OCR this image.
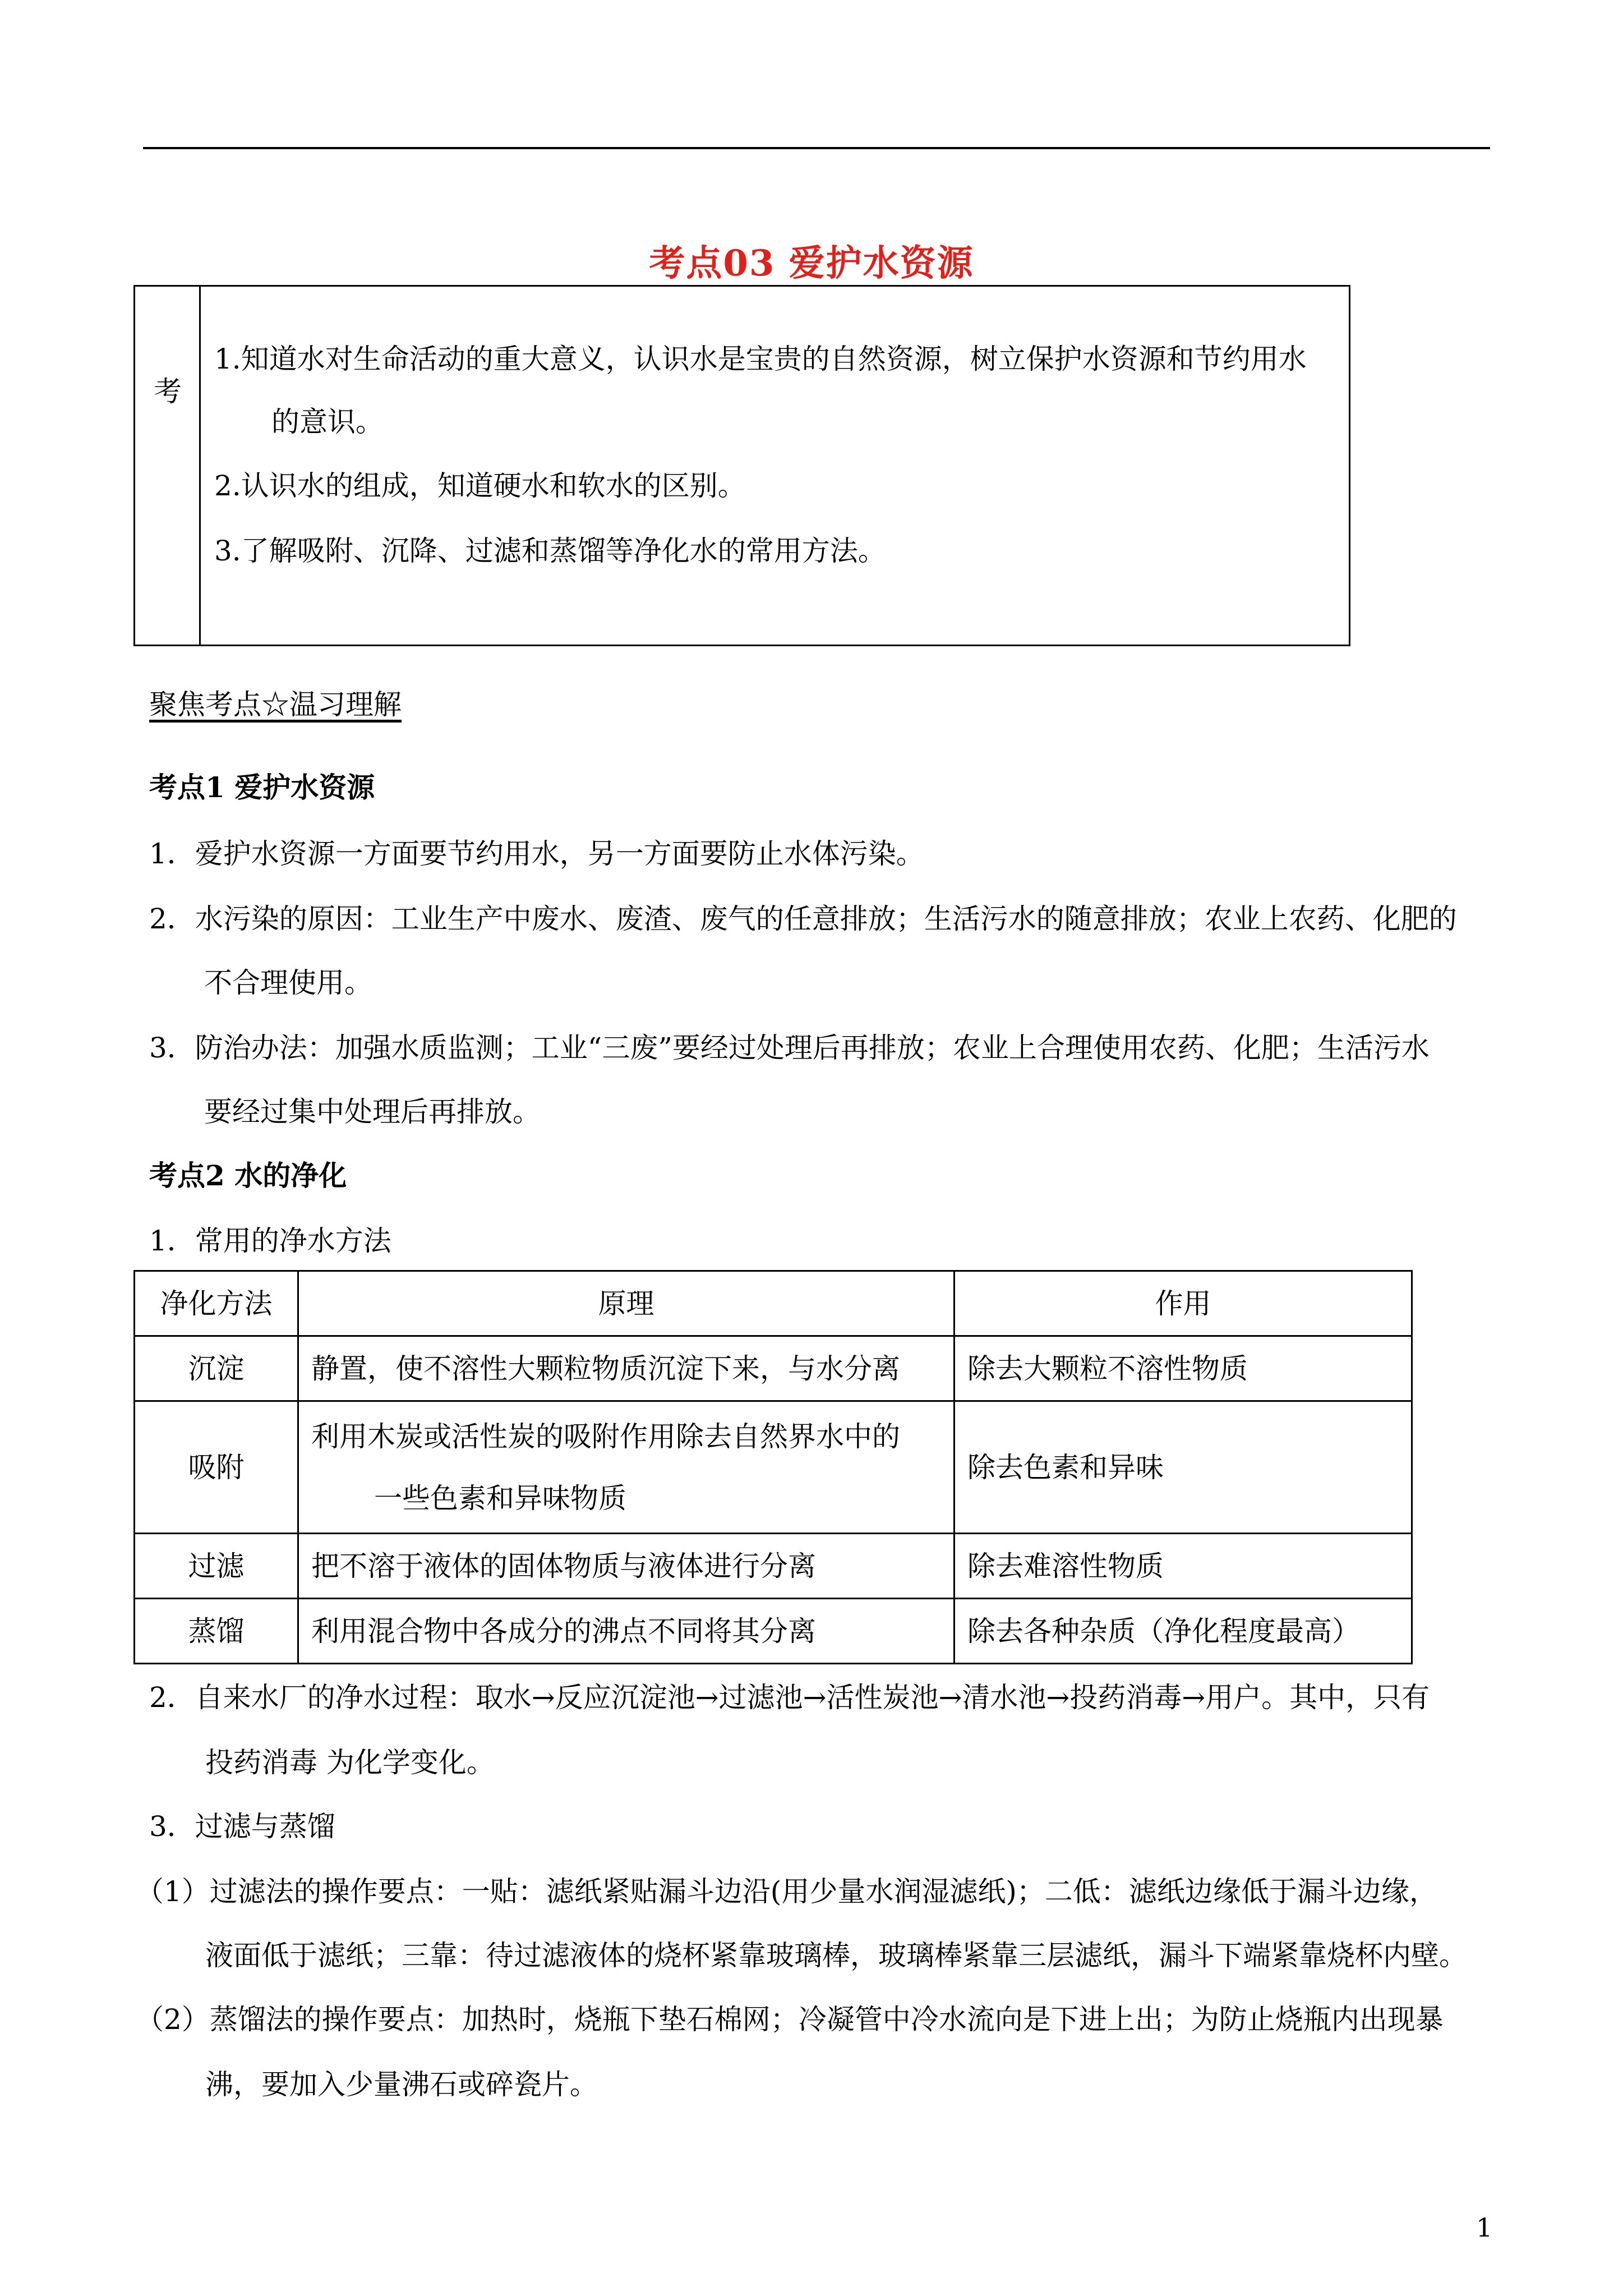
考点03 爱护水资源
考
1.知道水对生命活动的重大意义，认识水是宝贵的自然资源，树立保护水资源和节约用水
的意识。
2.认识水的组成，知道硬水和软水的区别。
3.了解吸附、沉降、过滤和蒸馏等净化水的常用方法。
聚焦考点☆温习理解
考点1 爱护水资源
1．爱护水资源一方面要节约用水，另一方面要防止水体污染。
2．水污染的原因：工业生产中废水、废渣、废气的任意排放；生活污水的随意排放；农业上农药、化肥的
不合理使用。
3．防治办法：加强水质监测；工业“三废”要经过处理后再排放；农业上合理使用农药、化肥；生活污水
要经过集中处理后再排放。
考点2 水的净化
1．常用的净水方法
净化方法	原理	作用
沉淀	静置，使不溶性大颗粒物质沉淀下来，与水分离	除去大颗粒不溶性物质
吸附	利用木炭或活性炭的吸附作用除去自然界水中的
一些色素和异味物质	除去色素和异味
过滤	把不溶于液体的固体物质与液体进行分离	除去难溶性物质
蒸馏	利用混合物中各成分的沸点不同将其分离	除去各种杂质（净化程度最高）
2．自来水厂的净水过程：取水→反应沉淀池→过滤池→活性炭池→清水池→投药消毒→用户。其中，只有
投药消毒 为化学变化。
3．过滤与蒸馏
（1）过滤法的操作要点：一贴：滤纸紧贴漏斗边沿(用少量水润湿滤纸)；二低：滤纸边缘低于漏斗边缘，
液面低于滤纸；三靠：待过滤液体的烧杯紧靠玻璃棒，玻璃棒紧靠三层滤纸，漏斗下端紧靠烧杯内壁。
（2）蒸馏法的操作要点：加热时，烧瓶下垫石棉网；冷凝管中冷水流向是下进上出；为防止烧瓶内出现暴
沸，要加入少量沸石或碎瓷片。
1
